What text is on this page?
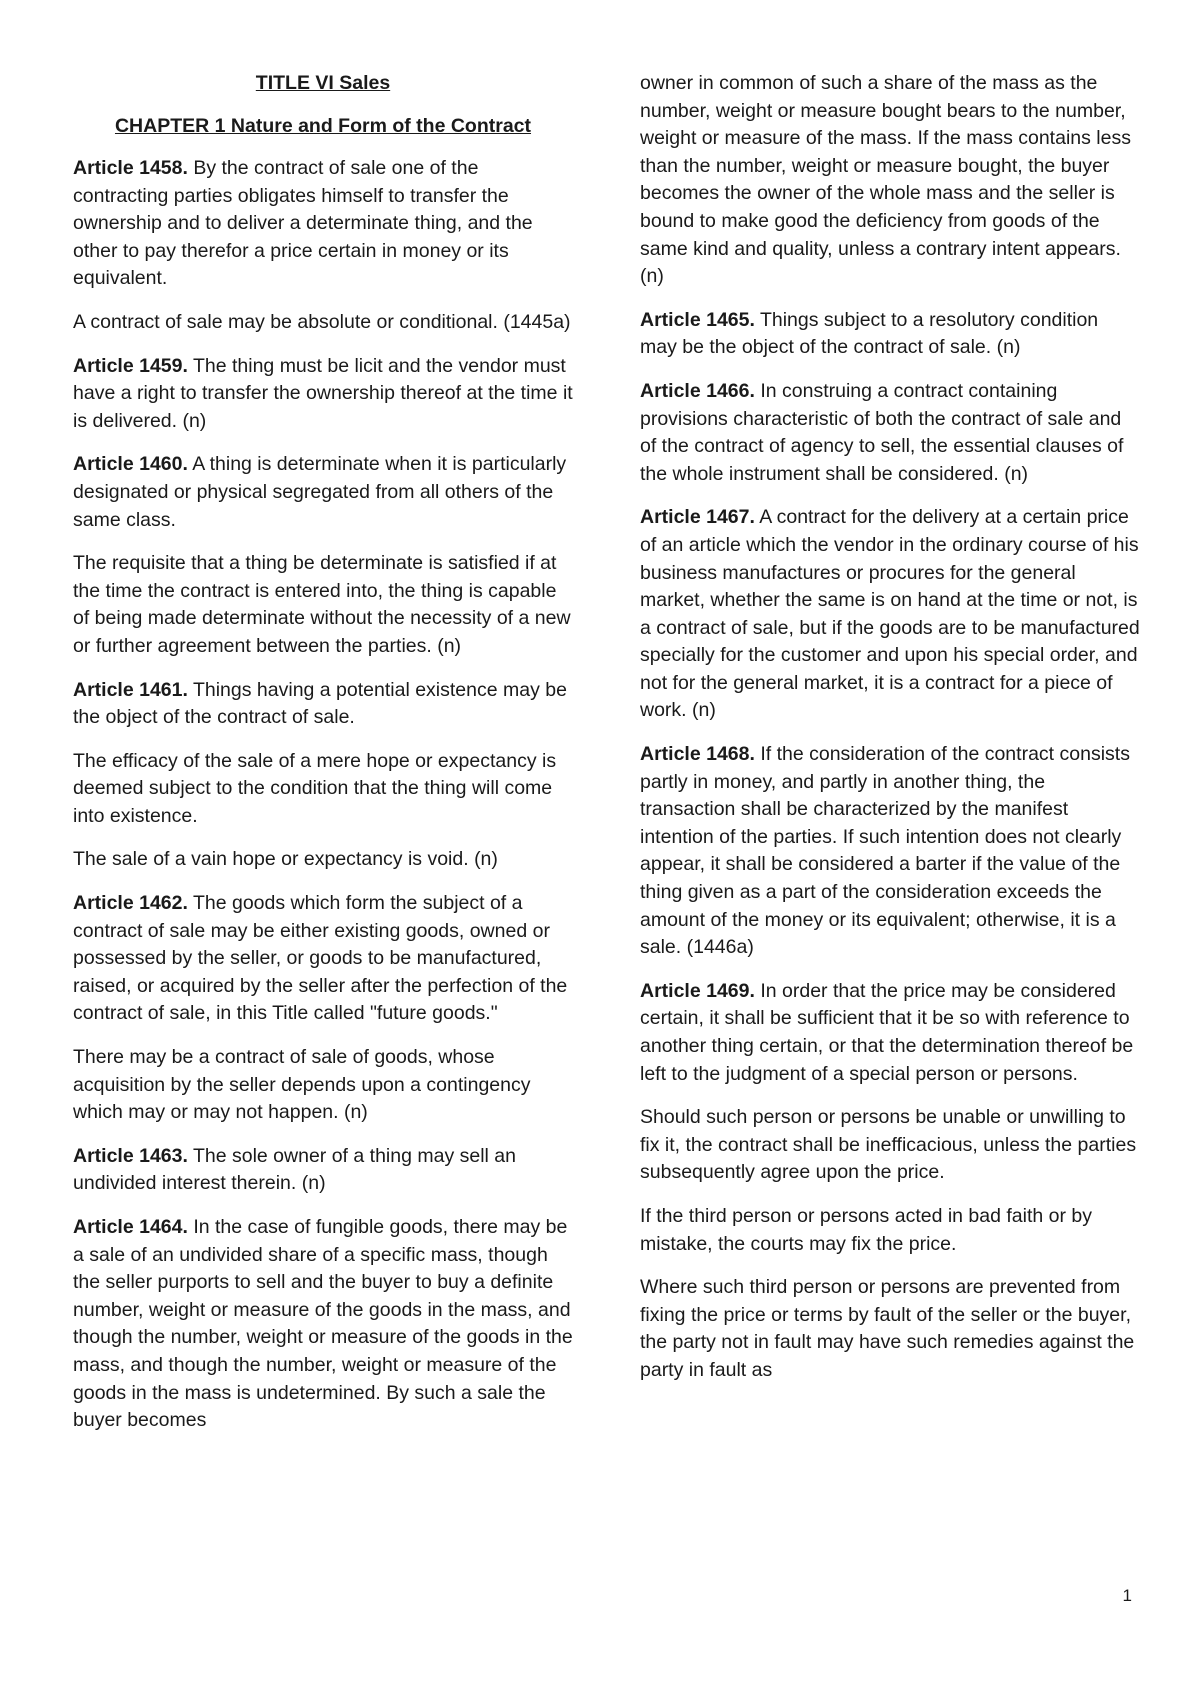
TITLE VI Sales
CHAPTER 1 Nature and Form of the Contract

Article 1458. By the contract of sale one of the contracting parties obligates himself to transfer the ownership and to deliver a determinate thing, and the other to pay therefor a price certain in money or its equivalent.

A contract of sale may be absolute or conditional. (1445a)

Article 1459. The thing must be licit and the vendor must have a right to transfer the ownership thereof at the time it is delivered. (n)

Article 1460. A thing is determinate when it is particularly designated or physical segregated from all others of the same class.

The requisite that a thing be determinate is satisfied if at the time the contract is entered into, the thing is capable of being made determinate without the necessity of a new or further agreement between the parties. (n)

Article 1461. Things having a potential existence may be the object of the contract of sale.

The efficacy of the sale of a mere hope or expectancy is deemed subject to the condition that the thing will come into existence.

The sale of a vain hope or expectancy is void. (n)

Article 1462. The goods which form the subject of a contract of sale may be either existing goods, owned or possessed by the seller, or goods to be manufactured, raised, or acquired by the seller after the perfection of the contract of sale, in this Title called "future goods."

There may be a contract of sale of goods, whose acquisition by the seller depends upon a contingency which may or may not happen. (n)

Article 1463. The sole owner of a thing may sell an undivided interest therein. (n)

Article 1464. In the case of fungible goods, there may be a sale of an undivided share of a specific mass, though the seller purports to sell and the buyer to buy a definite number, weight or measure of the goods in the mass, and though the number, weight or measure of the goods in the mass, and though the number, weight or measure of the goods in the mass is undetermined. By such a sale the buyer becomes

owner in common of such a share of the mass as the number, weight or measure bought bears to the number, weight or measure of the mass. If the mass contains less than the number, weight or measure bought, the buyer becomes the owner of the whole mass and the seller is bound to make good the deficiency from goods of the same kind and quality, unless a contrary intent appears. (n)

Article 1465. Things subject to a resolutory condition may be the object of the contract of sale. (n)

Article 1466. In construing a contract containing provisions characteristic of both the contract of sale and of the contract of agency to sell, the essential clauses of the whole instrument shall be considered. (n)

Article 1467. A contract for the delivery at a certain price of an article which the vendor in the ordinary course of his business manufactures or procures for the general market, whether the same is on hand at the time or not, is a contract of sale, but if the goods are to be manufactured specially for the customer and upon his special order, and not for the general market, it is a contract for a piece of work. (n)

Article 1468. If the consideration of the contract consists partly in money, and partly in another thing, the transaction shall be characterized by the manifest intention of the parties. If such intention does not clearly appear, it shall be considered a barter if the value of the thing given as a part of the consideration exceeds the amount of the money or its equivalent; otherwise, it is a sale. (1446a)

Article 1469. In order that the price may be considered certain, it shall be sufficient that it be so with reference to another thing certain, or that the determination thereof be left to the judgment of a special person or persons.

Should such person or persons be unable or unwilling to fix it, the contract shall be inefficacious, unless the parties subsequently agree upon the price.

If the third person or persons acted in bad faith or by mistake, the courts may fix the price.

Where such third person or persons are prevented from fixing the price or terms by fault of the seller or the buyer, the party not in fault may have such remedies against the party in fault as

1
